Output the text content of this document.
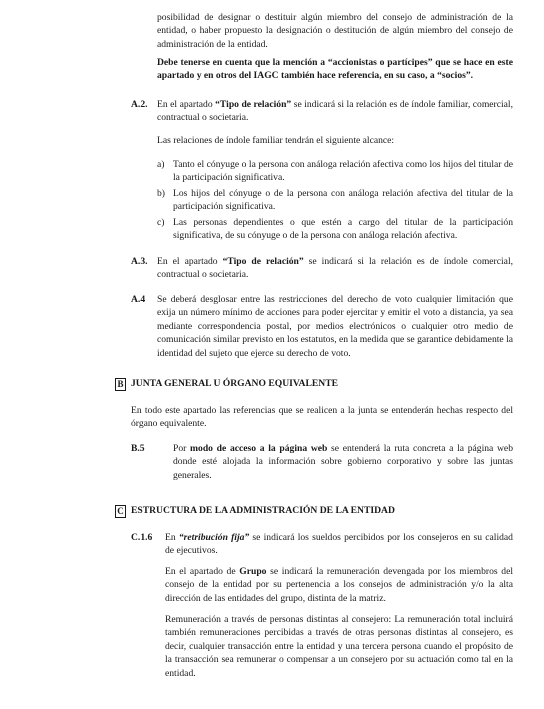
posibilidad de designar o destituir algún miembro del consejo de administración de la entidad, o haber propuesto la designación o destitución de algún miembro del consejo de administración de la entidad.

Debe tenerse en cuenta que la mención a “accionistas o partícipes” que se hace en este apartado y en otros del IAGC también hace referencia, en su caso, a “socios”.

A.2. En el apartado “Tipo de relación” se indicará si la relación es de índole familiar, comercial, contractual o societaria.

Las relaciones de índole familiar tendrán el siguiente alcance:

a) Tanto el cónyuge o la persona con análoga relación afectiva como los hijos del titular de la participación significativa.

b) Los hijos del cónyuge o de la persona con análoga relación afectiva del titular de la participación significativa.

c) Las personas dependientes o que estén a cargo del titular de la participación significativa, de su cónyuge o de la persona con análoga relación afectiva.

A.3. En el apartado “Tipo de relación” se indicará si la relación es de índole comercial, contractual o societaria.

A.4 Se deberá desglosar entre las restricciones del derecho de voto cualquier limitación que exija un número mínimo de acciones para poder ejercitar y emitir el voto a distancia, ya sea mediante correspondencia postal, por medios electrónicos o cualquier otro medio de comunicación similar previsto en los estatutos, en la medida que se garantice debidamente la identidad del sujeto que ejerce su derecho de voto.

B JUNTA GENERAL U ÓRGANO EQUIVALENTE

En todo este apartado las referencias que se realicen a la junta se entenderán hechas respecto del órgano equivalente.

B.5	Por modo de acceso a la página web se entenderá la ruta concreta a la página web donde esté alojada la información sobre gobierno corporativo y sobre las juntas generales.

C ESTRUCTURA DE LA ADMINISTRACIÓN DE LA ENTIDAD
C.1.6 En “retribución fija” se indicará los sueldos percibidos por los consejeros en su calidad de ejecutivos.

En el apartado de Grupo se indicará la remuneración devengada por los miembros del consejo de la entidad por su pertenencia a los consejos de administración y/o la alta dirección de las entidades del grupo, distinta de la matriz.

Remuneración a través de personas distintas al consejero: La remuneración total incluirá también remuneraciones percibidas a través de otras personas distintas al consejero, es decir, cualquier transacción entre la entidad y una tercera persona cuando el propósito de la transacción sea remunerar o compensar a un consejero por su actuación como tal en la entidad.
